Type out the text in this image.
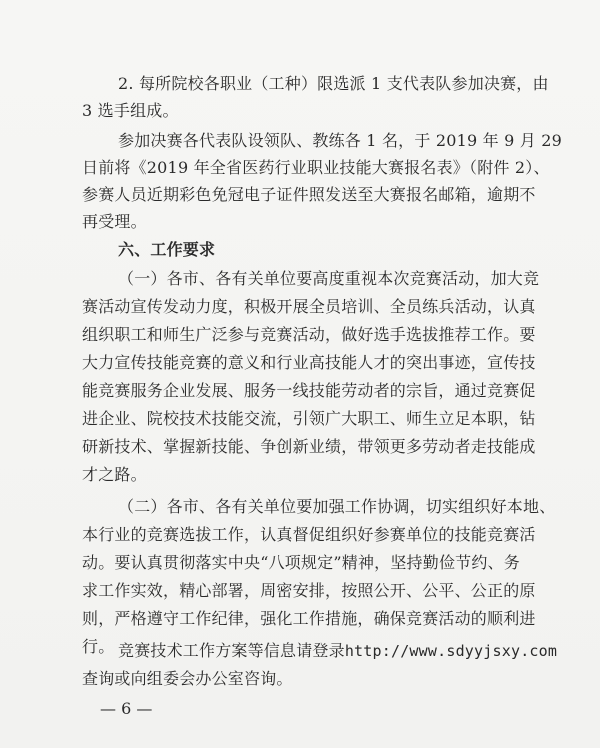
2. 每所院校各职业（工种）限选派 1 支代表队参加决赛，由
3 选手组成。
参加决赛各代表队设领队、教练各 1 名，于 2019 年 9 月 29
日前将《2019 年全省医药行业职业技能大赛报名表》（附件 2）、
参赛人员近期彩色免冠电子证件照发送至大赛报名邮箱，逾期不
再受理。
六、工作要求
（一）各市、各有关单位要高度重视本次竞赛活动，加大竞
赛活动宣传发动力度，积极开展全员培训、全员练兵活动，认真
组织职工和师生广泛参与竞赛活动，做好选手选拔推荐工作。要
大力宣传技能竞赛的意义和行业高技能人才的突出事迹，宣传技
能竞赛服务企业发展、服务一线技能劳动者的宗旨，通过竞赛促
进企业、院校技术技能交流，引领广大职工、师生立足本职，钻
研新技术、掌握新技能、争创新业绩，带领更多劳动者走技能成
才之路。
（二）各市、各有关单位要加强工作协调，切实组织好本地、
本行业的竞赛选拔工作，认真督促组织好参赛单位的技能竞赛活
动。要认真贯彻落实中央“八项规定”精神，坚持勤俭节约、务
求工作实效，精心部署，周密安排，按照公开、公平、公正的原
则，严格遵守工作纪律，强化工作措施，确保竞赛活动的顺利进
行。 竞赛技术工作方案等信息请登录http://www.sdyyjsxy.com
查询或向组委会办公室咨询。
— 6 —
